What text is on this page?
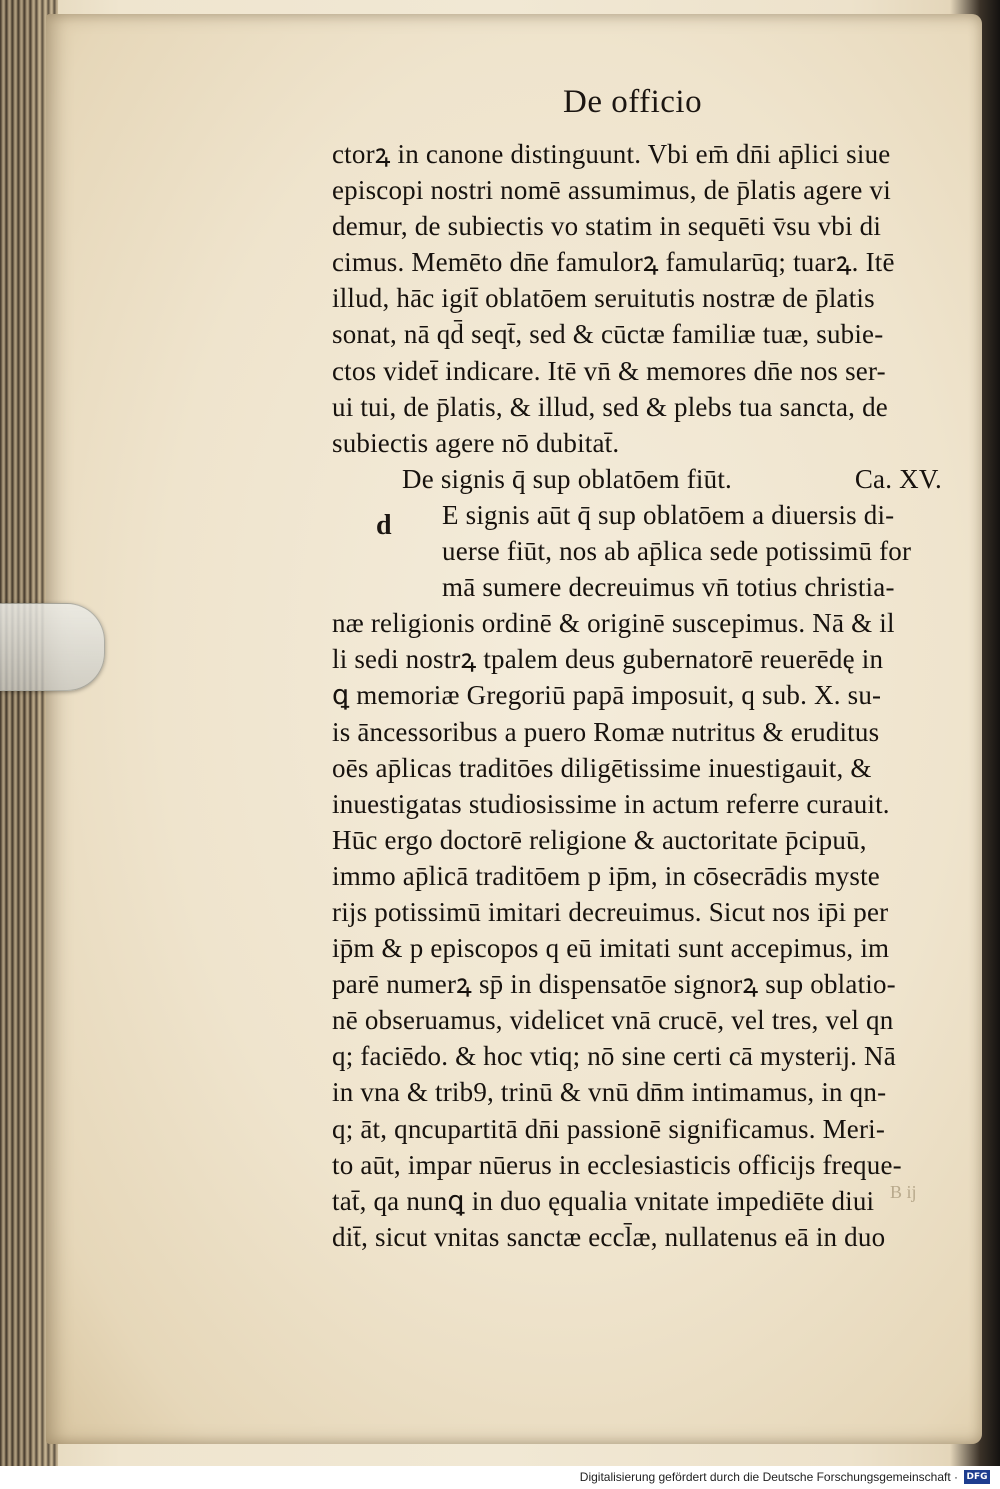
De officio
ctorꝝ in canone distinguunt. Vbi em̄ dn̄i ap̄lici siue
episcopi nostri nomē assumimus, de p̄latis agere vi
demur, de subiectis vo statim in sequēti v̄su vbi di
cimus. Memēto dn̄e famulorꝝ famularūq; tuarꝝ. Itē
illud, hāc igit̄ oblatōem seruitutis nostræ de p̄latis
sonat, nā qd̄ seqt̄, sed & cūctæ familiæ tuæ, subie-
ctos videt̄ indicare. Itē vn̄ & memores dn̄e nos ser-
ui tui, de p̄latis, & illud, sed & plebs tua sancta, de
subiectis agere nō dubitat̄.
De signis q̄ sup oblatōem fiūt.	Ca. XV.
E signis aūt q̄ sup oblatōem a diuersis di-
uerse fiūt, nos ab ap̄lica sede potissimū for
mā sumere decreuimus vn̄ totius christia-
næ religionis ordinē & originē suscepimus. Nā & il
li sedi nostrꝝ tpalem deus gubernatorē reuerēdę in
ꝗ memoriæ Gregoriū papā imposuit, q sub. X. su-
is āncessoribus a puero Romæ nutritus & eruditus
oēs ap̄licas traditōes diligētissime inuestigauit, &
inuestigatas studiosissime in actum referre curauit.
Hūc ergo doctorē religione & auctoritate p̄cipuū,
immo ap̄licā traditōem p ip̄m, in cōsecrādis myste
rijs potissimū imitari decreuimus. Sicut nos ip̄i per
ip̄m & p episcopos q eū imitati sunt accepimus, im
parē numerꝝ sp̄ in dispensatōe signorꝝ sup oblatio-
nē obseruamus, videlicet vnā crucē, vel tres, vel qn
q; faciēdo. & hoc vtiq; nō sine certi cā mysterij. Nā
in vna & trib9, trinū & vnū dn̄m intimamus, in qn-
q; āt, qncupartitā dn̄i passionē significamus. Meri-
to aūt, impar nūerus in ecclesiasticis officijs freque-
tat̄, qa nunꝗ in duo ęqualia vnitate impediēte diui
dit̄, sicut vnitas sanctæ eccl̄æ, nullatenus eā in duo
d
B ij
Digitalisierung gefördert durch die Deutsche Forschungsgemeinschaft · DFG
